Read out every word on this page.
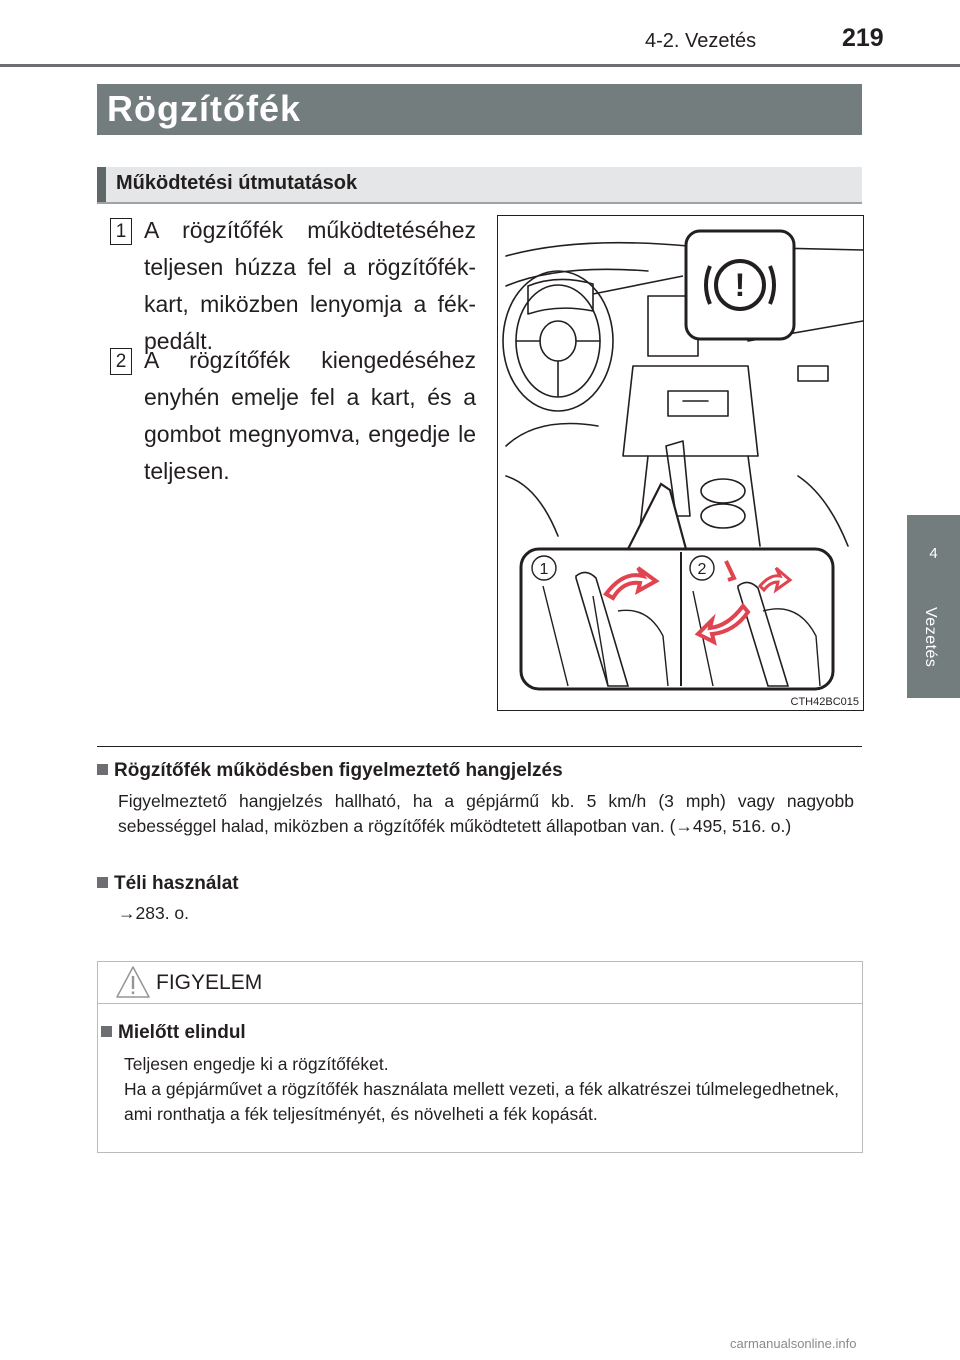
4-2. Vezetés	219
4
Vezetés
Rögzítőfék
Működtetési útmutatások
1 A rögzítőfék működtetéséhez teljesen húzza fel a rögzítőfék-kart, miközben lenyomja a fék-pedált.
2 A rögzítőfék kiengedéséhez enyhén emelje fel a kart, és a gombot megnyomva, engedje le teljesen.
!
1	2
CTH42BC015
Rögzítőfék működésben figyelmeztető hangjelzés
Figyelmeztető hangjelzés hallható, ha a gépjármű kb. 5 km/h (3 mph) vagy nagyobb sebességgel halad, miközben a rögzítőfék működtetett állapotban van. (→495, 516. o.)
Téli használat
→283. o.
FIGYELEM
Mielőtt elindul
Teljesen engedje ki a rögzítőféket.
Ha a gépjárművet a rögzítőfék használata mellett vezeti, a fék alkatrészei túlmelegedhetnek, ami ronthatja a fék teljesítményét, és növelheti a fék kopását.
carmanualsonline.info
